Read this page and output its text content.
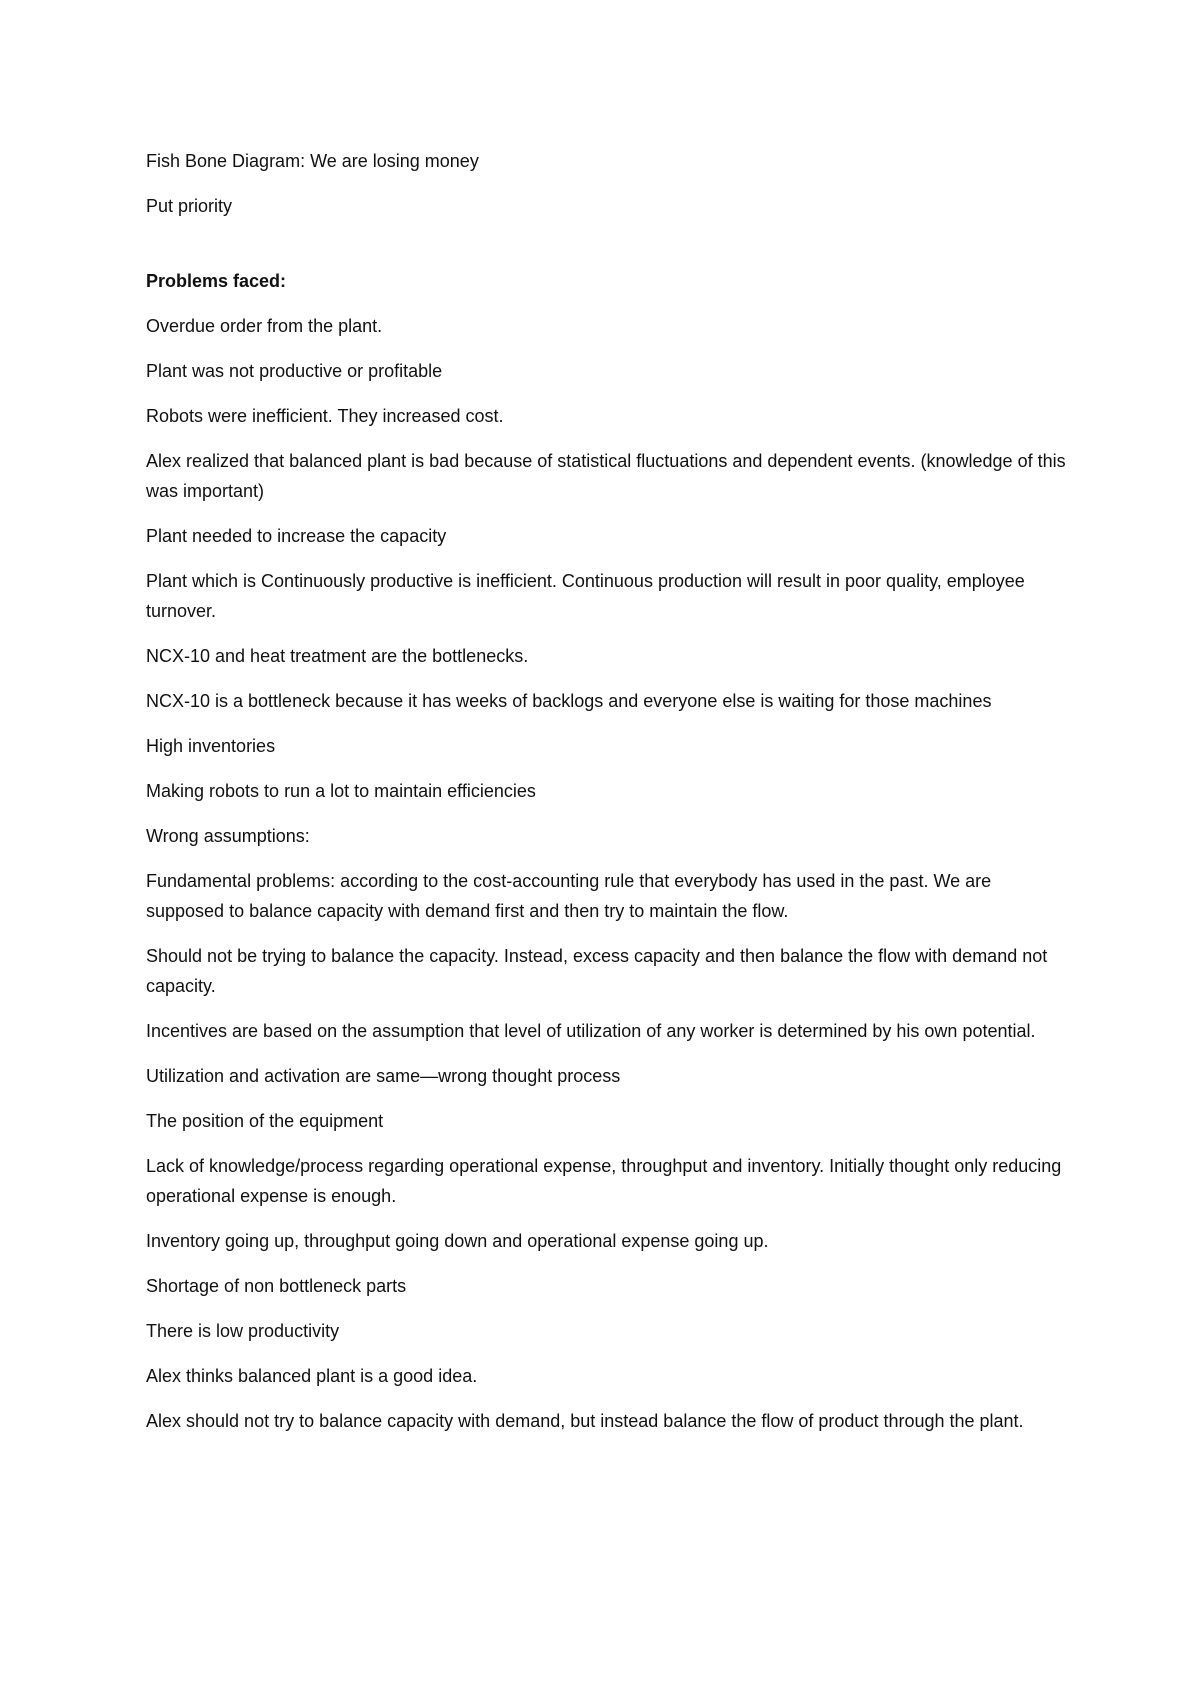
Fish Bone Diagram: We are losing money

Put priority

Problems faced:

Overdue order from the plant.

Plant was not productive or profitable

Robots were inefficient. They increased cost.

Alex realized that balanced plant is bad because of statistical fluctuations and dependent events. (knowledge of this was important)

Plant needed to increase the capacity

Plant which is Continuously productive is inefficient. Continuous production will result in poor quality, employee turnover.

NCX-10 and heat treatment are the bottlenecks.

NCX-10 is a bottleneck because it has weeks of backlogs and everyone else is waiting for those machines

High inventories

Making robots to run a lot to maintain efficiencies

Wrong assumptions:

Fundamental problems: according to the cost-accounting rule that everybody has used in the past. We are supposed to balance capacity with demand first and then try to maintain the flow.

Should not be trying to balance the capacity. Instead, excess capacity and then balance the flow with demand not capacity.

Incentives are based on the assumption that level of utilization of any worker is determined by his own potential.

Utilization and activation are same—wrong thought process

The position of the equipment

Lack of knowledge/process regarding operational expense, throughput and inventory. Initially thought only reducing operational expense is enough.

Inventory going up, throughput going down and operational expense going up.

Shortage of non bottleneck parts

There is low productivity

Alex thinks balanced plant is a good idea.

Alex should not try to balance capacity with demand, but instead balance the flow of product through the plant.
